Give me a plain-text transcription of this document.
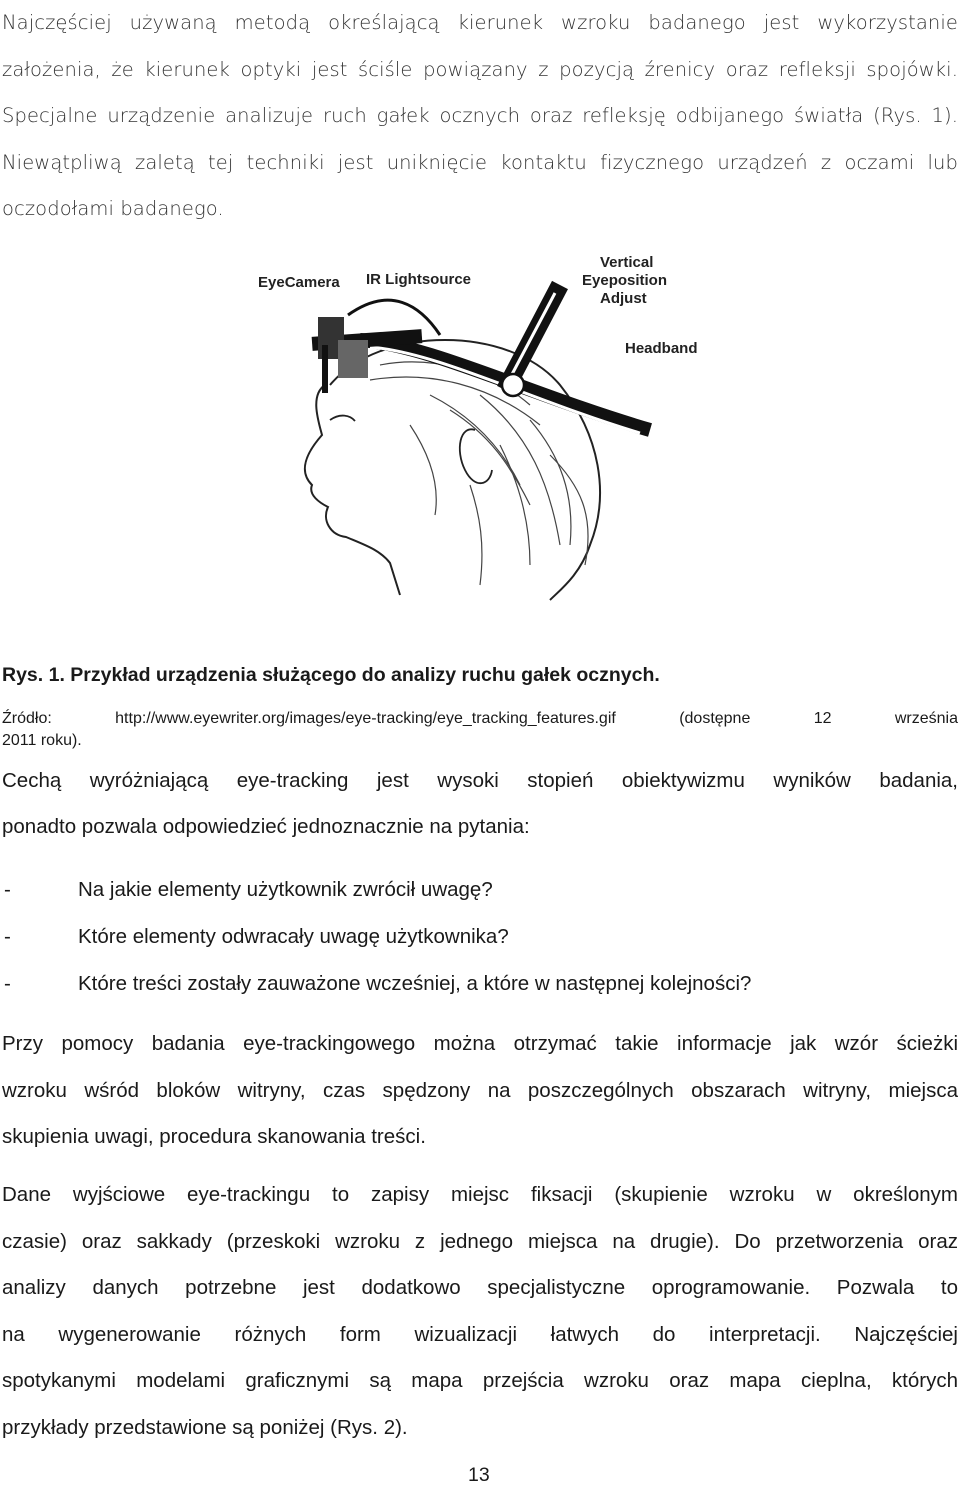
Najczęściej używaną metodą określającą kierunek wzroku badanego jest wykorzystanie
założenia, że kierunek optyki jest ściśle powiązany z pozycją źrenicy oraz refleksji spojówki.
Specjalne urządzenie analizuje ruch gałek ocznych oraz refleksję odbijanego światła (Rys. 1).
Niewątpliwą zaletą tej techniki jest uniknięcie kontaktu fizycznego urządzeń z oczami lub
oczodołami badanego.
EyeCamera IR Lightsource
Vertical
Eyeposition
Adjust
Headband
Rys. 1. Przykład urządzenia służącego do analizy ruchu gałek ocznych.
Źródło: http://www.eyewriter.org/images/eye-tracking/eye_tracking_features.gif (dostępne 12 września
2011 roku).
Cechą wyróżniającą eye-tracking jest wysoki stopień obiektywizmu wyników badania,
ponadto pozwala odpowiedzieć jednoznacznie na pytania:
-	Na jakie elementy użytkownik zwrócił uwagę?
-	Które elementy odwracały uwagę użytkownika?
-	Które treści zostały zauważone wcześniej, a które w następnej kolejności?
Przy pomocy badania eye-trackingowego można otrzymać takie informacje jak wzór ścieżki
wzroku wśród bloków witryny, czas spędzony na poszczególnych obszarach witryny, miejsca
skupienia uwagi, procedura skanowania treści.
Dane wyjściowe eye-trackingu to zapisy miejsc fiksacji (skupienie wzroku w określonym
czasie) oraz sakkady (przeskoki wzroku z jednego miejsca na drugie). Do przetworzenia oraz
analizy danych potrzebne jest dodatkowo specjalistyczne oprogramowanie. Pozwala to
na wygenerowanie różnych form wizualizacji łatwych do interpretacji. Najczęściej
spotykanymi modelami graficznymi są mapa przejścia wzroku oraz mapa cieplna, których
przykłady przedstawione są poniżej (Rys. 2).
13
